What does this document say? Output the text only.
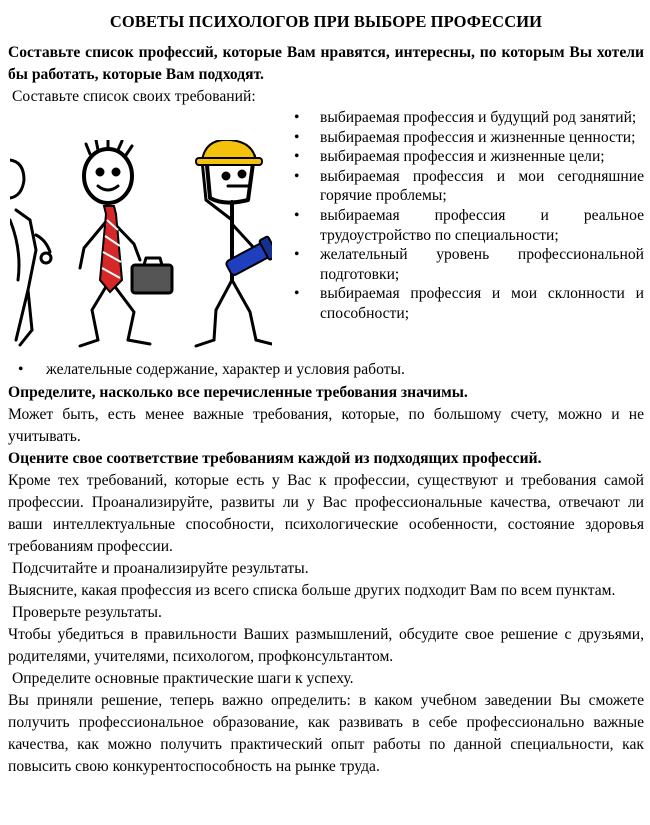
СОВЕТЫ ПСИХОЛОГОВ ПРИ ВЫБОРЕ ПРОФЕССИИ

Составьте список профессий, которые Вам нравятся, интересны, по которым Вы хотели бы работать, которые Вам подходят.

Составьте список своих требований:

• выбираемая профессия и будущий род занятий;
• выбираемая профессия и жизненные ценности;
• выбираемая профессия и жизненные цели;
• выбираемая профессия и мои сегодняшние горячие проблемы;
• выбираемая профессия и реальное трудоустройство по специальности;
• желательный уровень профессиональной подготовки;
• выбираемая профессия и мои склонности и способности;

• желательные содержание, характер и условия работы.

Определите, насколько все перечисленные требования значимы.

Может быть, есть менее важные требования, которые, по большому счету, можно и не учитывать.

Оцените свое соответствие требованиям каждой из подходящих профессий.

Кроме тех требований, которые есть у Вас к профессии, существуют и требования самой профессии. Проанализируйте, развиты ли у Вас профессиональные качества, отвечают ли ваши интеллектуальные способности, психологические особенности, состояние здоровья требованиям профессии.

Подсчитайте и проанализируйте результаты.

Выясните, какая профессия из всего списка больше других подходит Вам по всем пунктам.

Проверьте результаты.

Чтобы убедиться в правильности Ваших размышлений, обсудите свое решение с друзьями, родителями, учителями, психологом, профконсультантом.

Определите основные практические шаги к успеху.

Вы приняли решение, теперь важно определить: в каком учебном заведении Вы сможете получить профессиональное образование, как развивать в себе профессионально важные качества, как можно получить практический опыт работы по данной специальности, как повысить свою конкурентоспособность на рынке труда.
